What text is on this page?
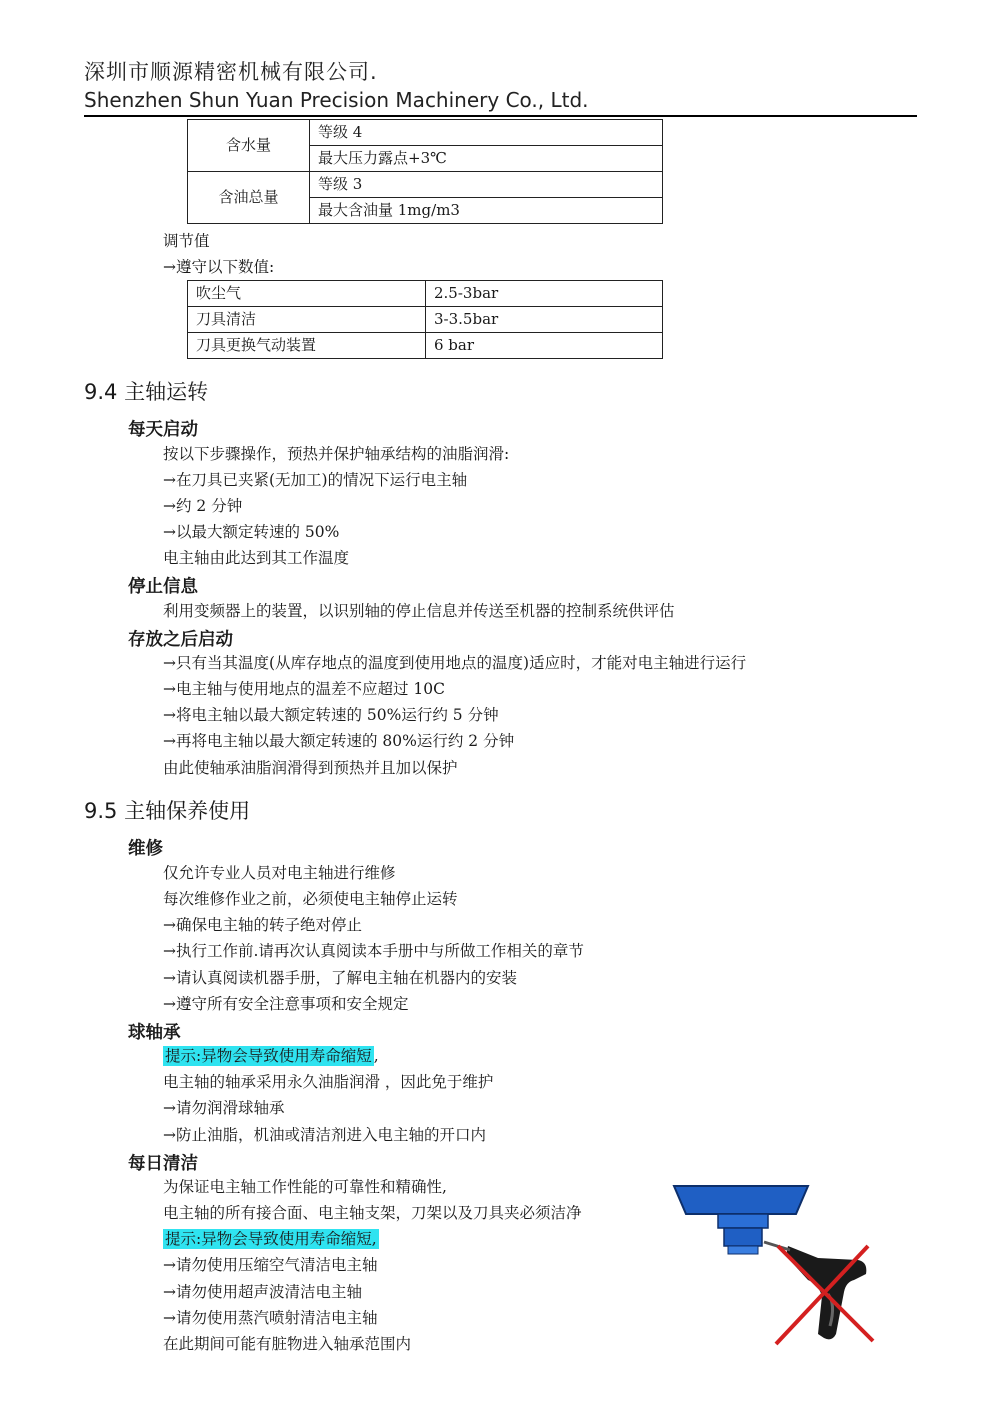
深圳市顺源精密机械有限公司.
Shenzhen Shun Yuan Precision Machinery Co., Ltd.
含水量	等级 4
	最大压力露点+3℃
含油总量	等级 3
	最大含油量 1mg/m3
调节值
→遵守以下数值:
吹尘气	2.5-3bar
刀具清洁	3-3.5bar
刀具更换气动装置	6 bar
9.4 主轴运转
每天启动
按以下步骤操作，预热并保护轴承结构的油脂润滑:
→在刀具已夹紧(无加工)的情况下运行电主轴
→约 2 分钟
→以最大额定转速的 50%
电主轴由此达到其工作温度
停止信息
利用变频器上的装置，以识别轴的停止信息并传送至机器的控制系统供评估
存放之后启动
→只有当其温度(从库存地点的温度到使用地点的温度)适应时，才能对电主轴进行运行
→电主轴与使用地点的温差不应超过 10C
→将电主轴以最大额定转速的 50%运行约 5 分钟
→再将电主轴以最大额定转速的 80%运行约 2 分钟
由此使轴承油脂润滑得到预热并且加以保护
9.5 主轴保养使用
维修
仅允许专业人员对电主轴进行维修
每次维修作业之前，必须使电主轴停止运转
→确保电主轴的转子绝对停止
→执行工作前.请再次认真阅读本手册中与所做工作相关的章节
→请认真阅读机器手册，了解电主轴在机器内的安装
→遵守所有安全注意事项和安全规定
球轴承
提示:异物会导致使用寿命缩短 ,
电主轴的轴承采用永久油脂润滑 ，因此免于维护
→请勿润滑球轴承
→防止油脂，机油或清洁剂进入电主轴的开口内
每日清洁
为保证电主轴工作性能的可靠性和精确性,
电主轴的所有接合面、电主轴支架，刀架以及刀具夹必须洁净
提示:异物会导致使用寿命缩短,
→请勿使用压缩空气清洁电主轴
→请勿使用超声波清洁电主轴
→请勿使用蒸汽喷射清洁电主轴
在此期间可能有脏物进入轴承范围内
